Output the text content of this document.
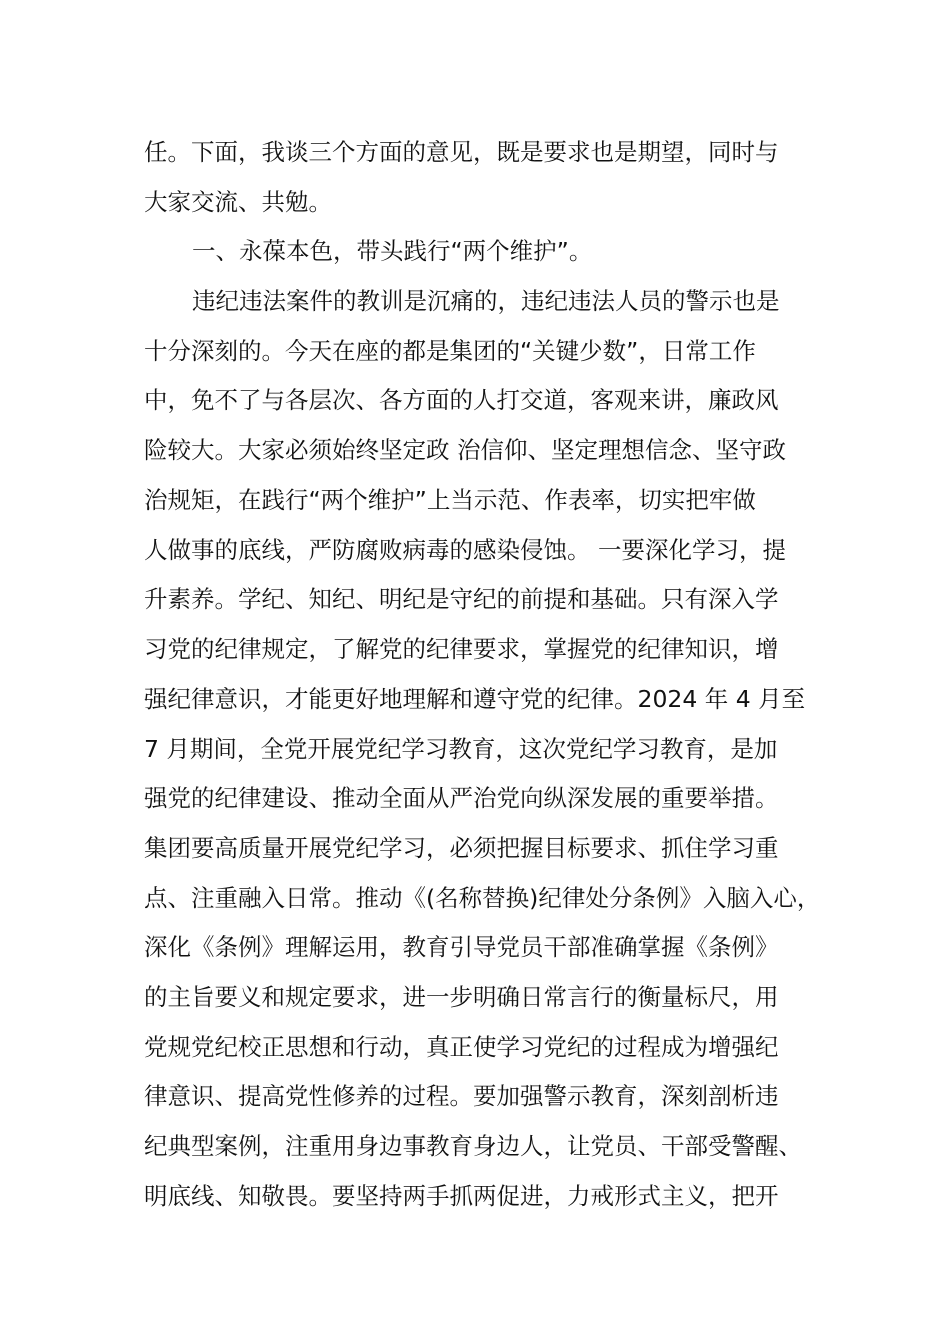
任。下面，我谈三个方面的意见，既是要求也是期望，同时与
大家交流、共勉。
一、永葆本色，带头践行“两个维护”。
违纪违法案件的教训是沉痛的，违纪违法人员的警示也是
十分深刻的。今天在座的都是集团的“关键少数”，日常工作
中，免不了与各层次、各方面的人打交道，客观来讲，廉政风
险较大。大家必须始终坚定政 治信仰、坚定理想信念、坚守政
治规矩，在践行“两个维护”上当示范、作表率，切实把牢做
人做事的底线，严防腐败病毒的感染侵蚀。 一要深化学习，提
升素养。学纪、知纪、明纪是守纪的前提和基础。只有深入学
习党的纪律规定，了解党的纪律要求，掌握党的纪律知识，增
强纪律意识，才能更好地理解和遵守党的纪律。2024 年 4 月至
7 月期间，全党开展党纪学习教育，这次党纪学习教育，是加
强党的纪律建设、推动全面从严治党向纵深发展的重要举措。
集团要高质量开展党纪学习，必须把握目标要求、抓住学习重
点、注重融入日常。推动《(名称替换)纪律处分条例》入脑入心，
深化《条例》理解运用，教育引导党员干部准确掌握《条例》
的主旨要义和规定要求，进一步明确日常言行的衡量标尺，用
党规党纪校正思想和行动，真正使学习党纪的过程成为增强纪
律意识、提高党性修养的过程。要加强警示教育，深刻剖析违
纪典型案例，注重用身边事教育身边人，让党员、干部受警醒、
明底线、知敬畏。要坚持两手抓两促进，力戒形式主义，把开
